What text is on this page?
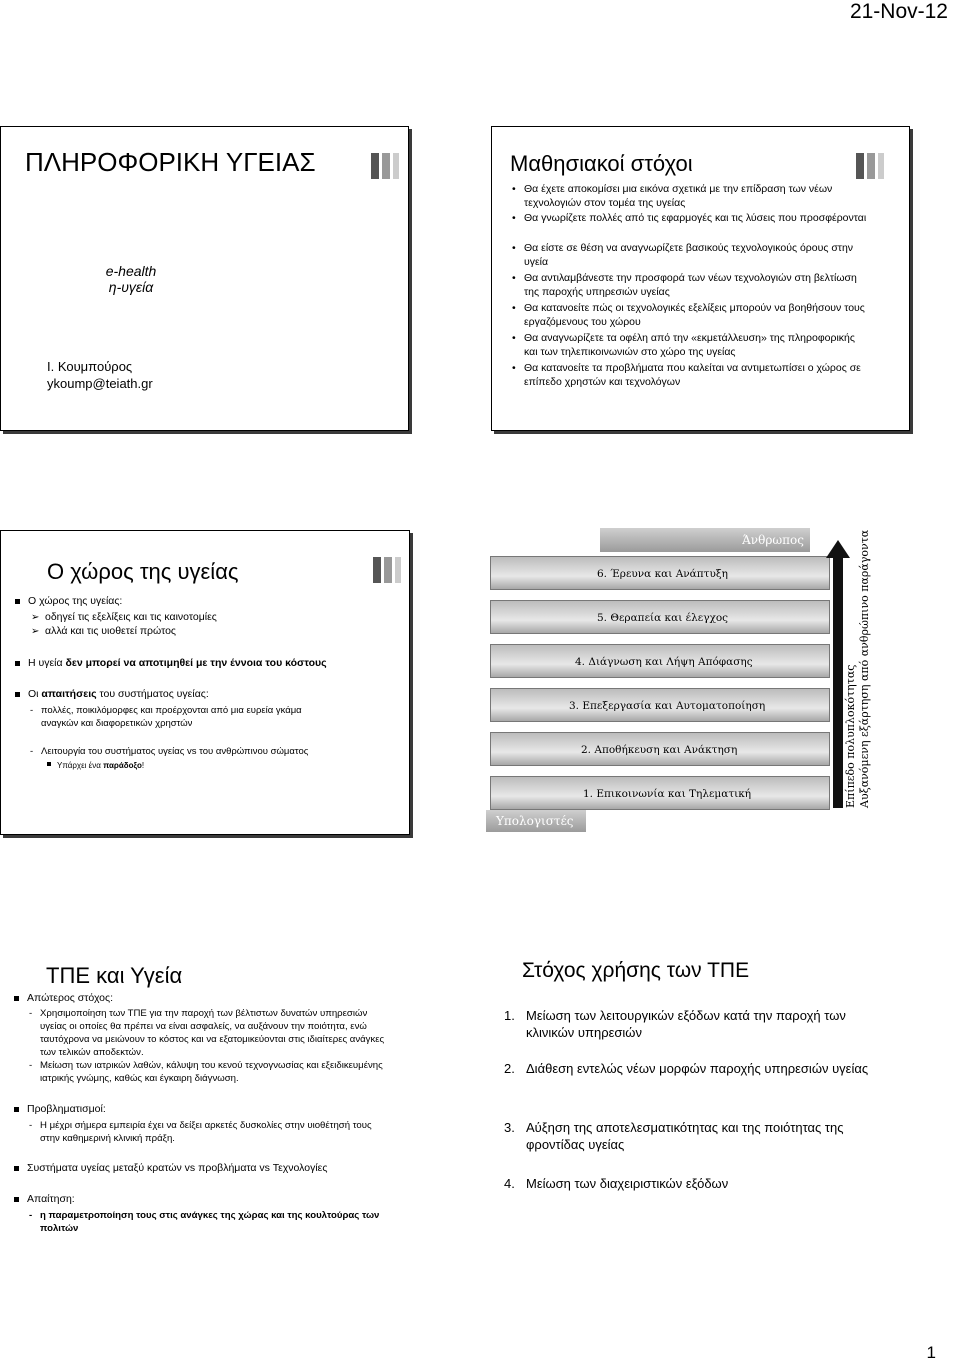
21-Nov-12
ΠΛΗΡΟΦΟΡΙΚΗ ΥΓΕΙΑΣ
e-health
η-υγεία
Ι. Κουμπούρος
ykoump@teiath.gr
Μαθησιακοί στόχοι
• Θα έχετε αποκομίσει μια εικόνα σχετικά με την επίδραση των νέων τεχνολογιών στον τομέα της υγείας
• Θα γνωρίζετε πολλές από τις εφαρμογές και τις λύσεις που προσφέρονται
• Θα είστε σε θέση να αναγνωρίζετε βασικούς τεχνολογικούς όρους στην υγεία
• Θα αντιλαμβάνεστε την προσφορά των νέων τεχνολογιών στη βελτίωση της παροχής υπηρεσιών υγείας
• Θα κατανοείτε πώς οι τεχνολογικές εξελίξεις μπορούν να βοηθήσουν τους εργαζόμενους του χώρου
• Θα αναγνωρίζετε τα οφέλη από την «εκμετάλλευση» της πληροφορικής και των τηλεπικοινωνιών στο χώρο της υγείας
• Θα κατανοείτε τα προβλήματα που καλείται να αντιμετωπίσει ο χώρος σε επίπεδο χρηστών και τεχνολόγων
Ο χώρος της υγείας
Ο χώρος της υγείας:
➢ οδηγεί τις εξελίξεις και τις καινοτομίες
➢ αλλά και τις υιοθετεί πρώτος
Η υγεία δεν μπορεί να αποτιμηθεί με την έννοια του κόστους
Οι απαιτήσεις του συστήματος υγείας:
- πολλές, ποικιλόμορφες και προέρχονται από μια ευρεία γκάμα αναγκών και διαφορετικών χρηστών
- Λειτουργία του συστήματος υγείας vs του ανθρώπινου σώματος
Υπάρχει ένα παράδοξο!
Άνθρωπος
6. Έρευνα και Ανάπτυξη
5. Θεραπεία και έλεγχος
4. Διάγνωση και Λήψη Απόφασης
3. Επεξεργασία και Αυτοματοποίηση
2. Αποθήκευση και Ανάκτηση
1. Επικοινωνία και Τηλεματική
Υπολογιστές
Επίπεδο πολυπλοκότητας Αυξανόμενη εξάρτηση από ανθρώπινο παράγοντα
ΤΠΕ και Υγεία
Απώτερος στόχος:
- Χρησιμοποίηση των ΤΠΕ για την παροχή των βέλτιστων δυνατών υπηρεσιών υγείας οι οποίες θα πρέπει να είναι ασφαλείς, να αυξάνουν την ποιότητα, ενώ ταυτόχρονα να μειώνουν το κόστος και να εξατομικεύονται στις ιδιαίτερες ανάγκες των τελικών αποδεκτών.
- Μείωση των ιατρικών λαθών, κάλυψη του κενού τεχνογνωσίας και εξειδικευμένης ιατρικής γνώμης, καθώς και έγκαιρη διάγνωση.
Προβληματισμοί:
- Η μέχρι σήμερα εμπειρία έχει να δείξει αρκετές δυσκολίες στην υιοθέτησή τους στην καθημερινή κλινική πράξη.
Συστήματα υγείας μεταξύ κρατών vs προβλήματα vs Τεχνολογίες
Απαίτηση:
- η παραμετροποίηση τους στις ανάγκες της χώρας και της κουλτούρας των πολιτών
Στόχος χρήσης των ΤΠΕ
1. Μείωση των λειτουργικών εξόδων κατά την παροχή των κλινικών υπηρεσιών
2. Διάθεση εντελώς νέων μορφών παροχής υπηρεσιών υγείας
3. Αύξηση της αποτελεσματικότητας και της ποιότητας της φροντίδας υγείας
4. Μείωση των διαχειριστικών εξόδων
1
